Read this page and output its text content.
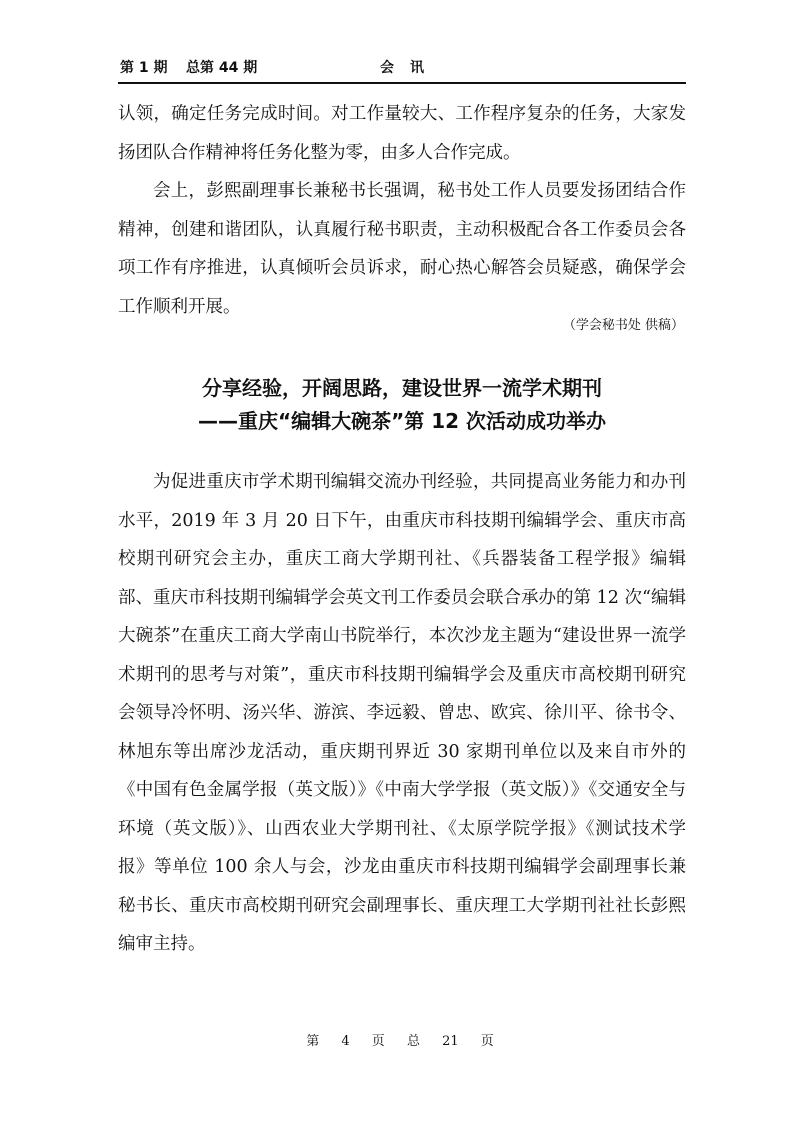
第 1 期 总第 44 期	会讯

认领，确定任务完成时间。对工作量较大、工作程序复杂的任务，大家发扬团队合作精神将任务化整为零，由多人合作完成。

会上，彭熙副理事长兼秘书长强调，秘书处工作人员要发扬团结合作精神，创建和谐团队，认真履行秘书职责，主动积极配合各工作委员会各项工作有序推进，认真倾听会员诉求，耐心热心解答会员疑惑，确保学会工作顺利开展。

（学会秘书处 供稿）
分享经验，开阔思路，建设世界一流学术期刊
——重庆“编辑大碗茶”第 12 次活动成功举办

为促进重庆市学术期刊编辑交流办刊经验，共同提高业务能力和办刊水平，2019 年 3 月 20 日下午，由重庆市科技期刊编辑学会、重庆市高校期刊研究会主办，重庆工商大学期刊社、《兵器装备工程学报》编辑部、重庆市科技期刊编辑学会英文刊工作委员会联合承办的第 12 次“编辑大碗茶”在重庆工商大学南山书院举行，本次沙龙主题为“建设世界一流学术期刊的思考与对策”，重庆市科技期刊编辑学会及重庆市高校期刊研究会领导冷怀明、汤兴华、游滨、李远毅、曾忠、欧宾、徐川平、徐书令、林旭东等出席沙龙活动，重庆期刊界近 30 家期刊单位以及来自市外的《中国有色金属学报（英文版）》《中南大学学报（英文版）》《交通安全与环境（英文版）》、山西农业大学期刊社、《太原学院学报》《测试技术学报》等单位 100 余人与会，沙龙由重庆市科技期刊编辑学会副理事长兼秘书长、重庆市高校期刊研究会副理事长、重庆理工大学期刊社社长彭熙编审主持。

第 4 页 总 21 页
